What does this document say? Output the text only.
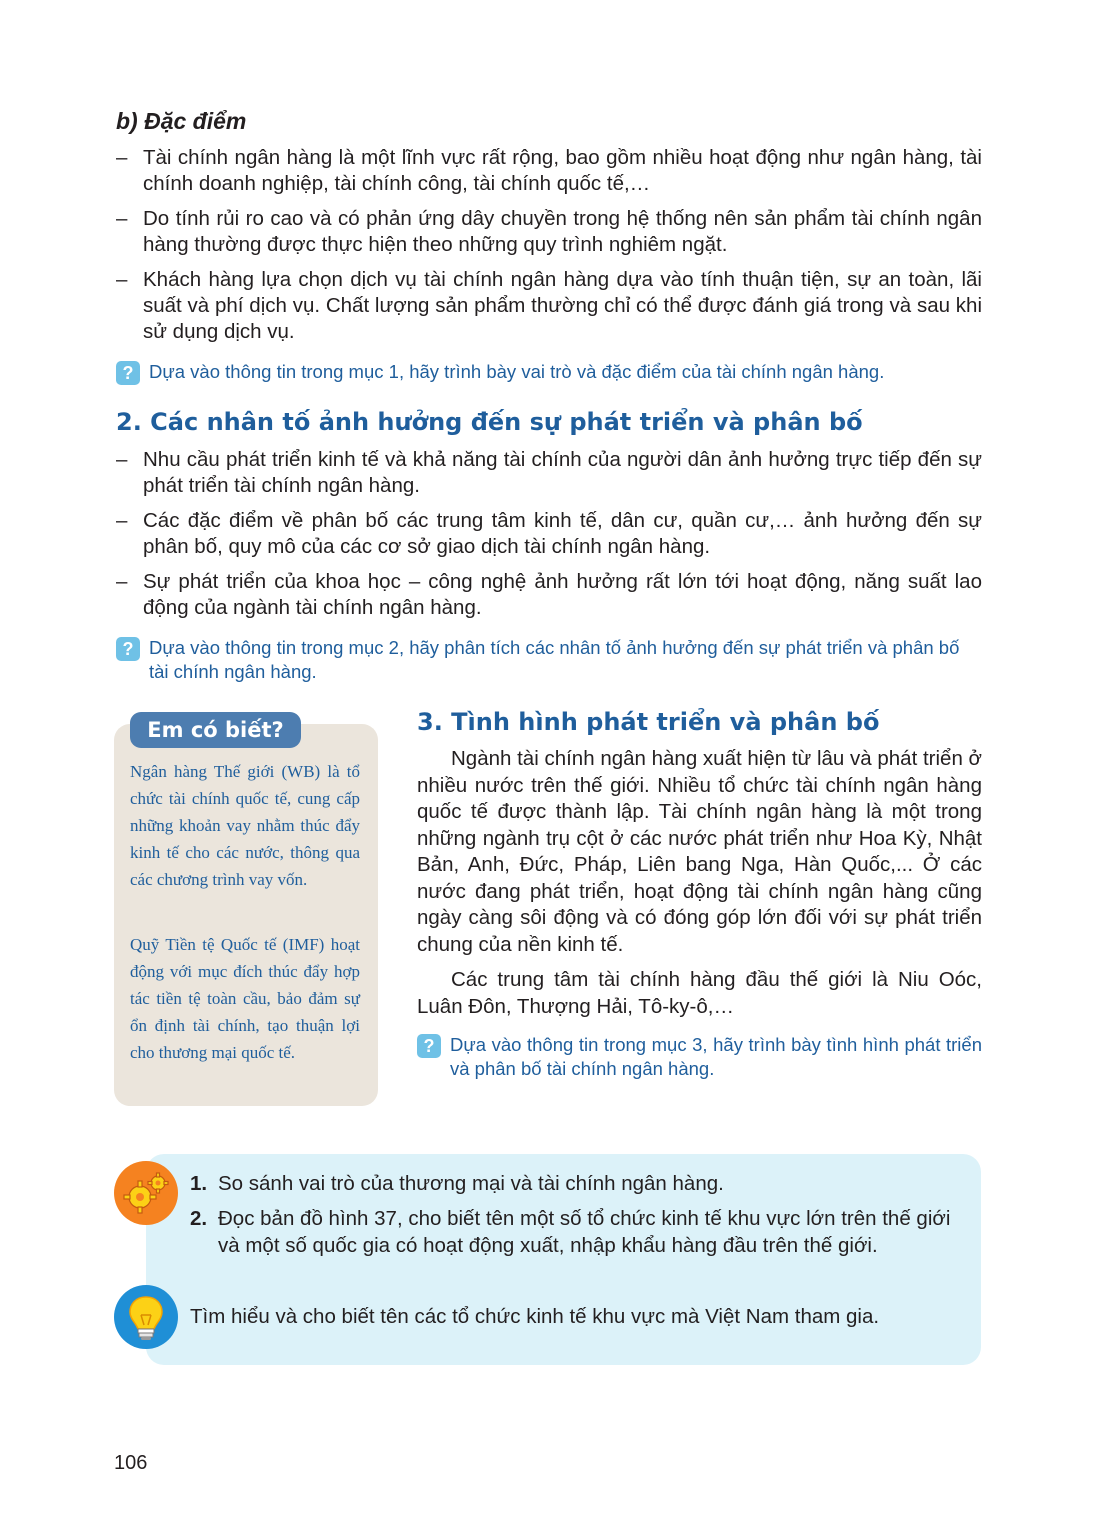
b) Đặc điểm
– Tài chính ngân hàng là một lĩnh vực rất rộng, bao gồm nhiều hoạt động như ngân hàng, tài chính doanh nghiệp, tài chính công, tài chính quốc tế,…
– Do tính rủi ro cao và có phản ứng dây chuyền trong hệ thống nên sản phẩm tài chính ngân hàng thường được thực hiện theo những quy trình nghiêm ngặt.
– Khách hàng lựa chọn dịch vụ tài chính ngân hàng dựa vào tính thuận tiện, sự an toàn, lãi suất và phí dịch vụ. Chất lượng sản phẩm thường chỉ có thể được đánh giá trong và sau khi sử dụng dịch vụ.
? Dựa vào thông tin trong mục 1, hãy trình bày vai trò và đặc điểm của tài chính ngân hàng.
2. Các nhân tố ảnh hưởng đến sự phát triển và phân bố
– Nhu cầu phát triển kinh tế và khả năng tài chính của người dân ảnh hưởng trực tiếp đến sự phát triển tài chính ngân hàng.
– Các đặc điểm về phân bố các trung tâm kinh tế, dân cư, quần cư,… ảnh hưởng đến sự phân bố, quy mô của các cơ sở giao dịch tài chính ngân hàng.
– Sự phát triển của khoa học – công nghệ ảnh hưởng rất lớn tới hoạt động, năng suất lao động của ngành tài chính ngân hàng.
? Dựa vào thông tin trong mục 2, hãy phân tích các nhân tố ảnh hưởng đến sự phát triển và phân bố tài chính ngân hàng.
Em có biết?

Ngân hàng Thế giới (WB) là tổ chức tài chính quốc tế, cung cấp những khoản vay nhằm thúc đẩy kinh tế cho các nước, thông qua các chương trình vay vốn.

Quỹ Tiền tệ Quốc tế (IMF) hoạt động với mục đích thúc đẩy hợp tác tiền tệ toàn cầu, bảo đảm sự ổn định tài chính, tạo thuận lợi cho thương mại quốc tế.

3. Tình hình phát triển và phân bố

Ngành tài chính ngân hàng xuất hiện từ lâu và phát triển ở nhiều nước trên thế giới. Nhiều tổ chức tài chính ngân hàng quốc tế được thành lập. Tài chính ngân hàng là một trong những ngành trụ cột ở các nước phát triển như Hoa Kỳ, Nhật Bản, Anh, Đức, Pháp, Liên bang Nga, Hàn Quốc,... Ở các nước đang phát triển, hoạt động tài chính ngân hàng cũng ngày càng sôi động và có đóng góp lớn đối với sự phát triển chung của nền kinh tế.

Các trung tâm tài chính hàng đầu thế giới là Niu Oóc, Luân Đôn, Thượng Hải, Tô-ky-ô,…

? Dựa vào thông tin trong mục 3, hãy trình bày tình hình phát triển và phân bố tài chính ngân hàng.
1. So sánh vai trò của thương mại và tài chính ngân hàng.
2. Đọc bản đồ hình 37, cho biết tên một số tổ chức kinh tế khu vực lớn trên thế giới và một số quốc gia có hoạt động xuất, nhập khẩu hàng đầu trên thế giới.
Tìm hiểu và cho biết tên các tổ chức kinh tế khu vực mà Việt Nam tham gia.
106
